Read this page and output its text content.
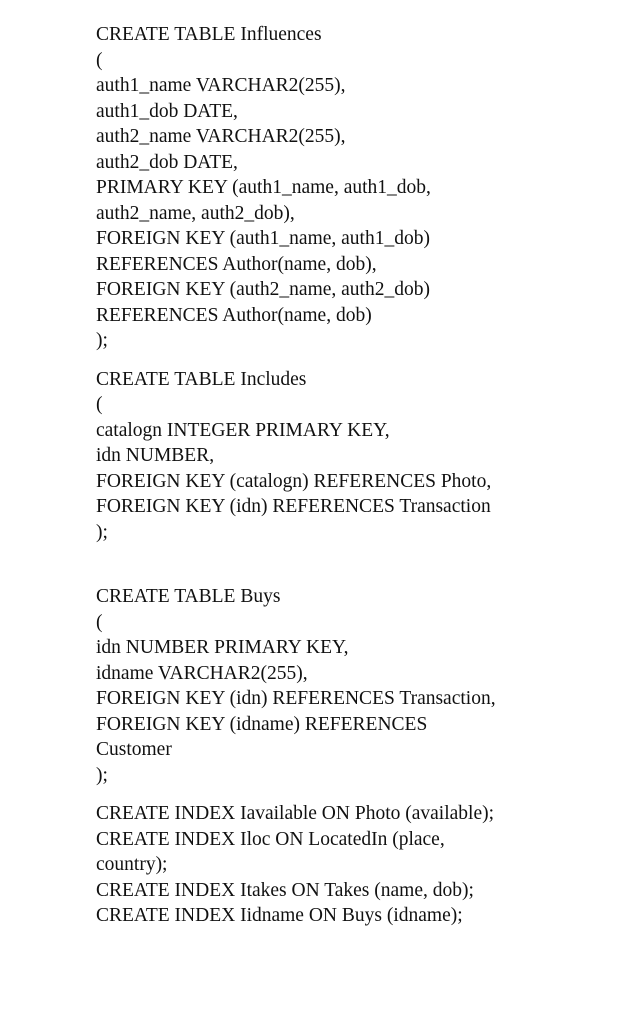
CREATE TABLE Influences
(
auth1_name VARCHAR2(255),
auth1_dob DATE,
auth2_name VARCHAR2(255),
auth2_dob DATE,
PRIMARY KEY (auth1_name, auth1_dob,
auth2_name, auth2_dob),
FOREIGN KEY (auth1_name, auth1_dob)
REFERENCES Author(name, dob),
FOREIGN KEY (auth2_name, auth2_dob)
REFERENCES Author(name, dob)
);
CREATE TABLE Includes
(
catalogn INTEGER PRIMARY KEY,
idn NUMBER,
FOREIGN KEY (catalogn) REFERENCES Photo,
FOREIGN KEY (idn) REFERENCES Transaction
);
CREATE TABLE Buys
(
idn NUMBER PRIMARY KEY,
idname VARCHAR2(255),
FOREIGN KEY (idn) REFERENCES Transaction,
FOREIGN KEY (idname) REFERENCES
Customer
);
CREATE INDEX Iavailable ON Photo (available);
CREATE INDEX Iloc ON LocatedIn (place,
country);
CREATE INDEX Itakes ON Takes (name, dob);
CREATE INDEX Iidname ON Buys (idname);
